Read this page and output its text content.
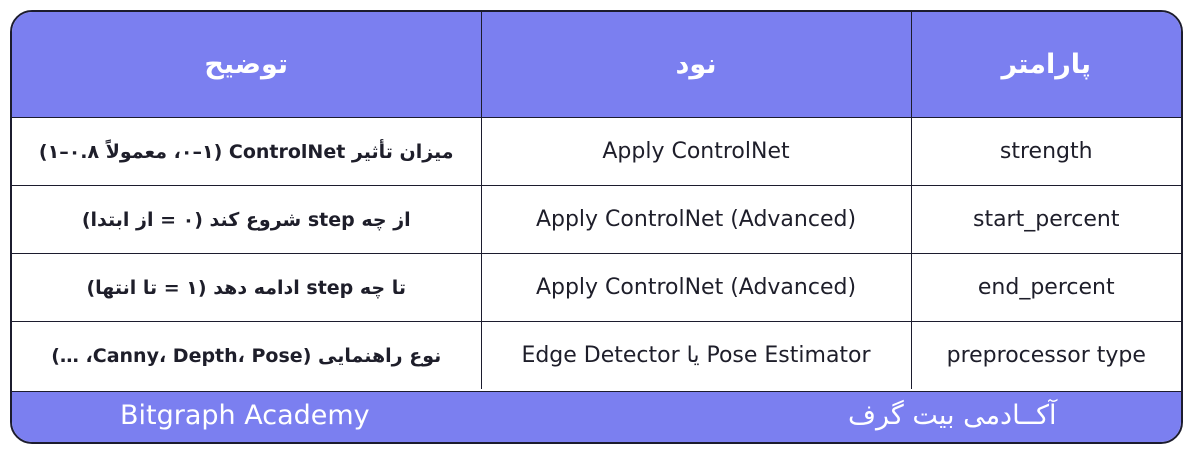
توضیح	نود	پارامتر
میزان تأثیر ControlNet (۰–۱، معمولاً ۰.۸–۱)	Apply ControlNet	strength
از چه step شروع کند (۰ = از ابتدا)	Apply ControlNet (Advanced)	start_percent
تا چه step ادامه دهد (۱ = تا انتها)	Apply ControlNet (Advanced)	end_percent
نوع راهنمایی (Canny، Depth، Pose، …)	Edge Detector یا Pose Estimator	preprocessor type
Bitgraph Academy	آکــادمی بیت گرف
